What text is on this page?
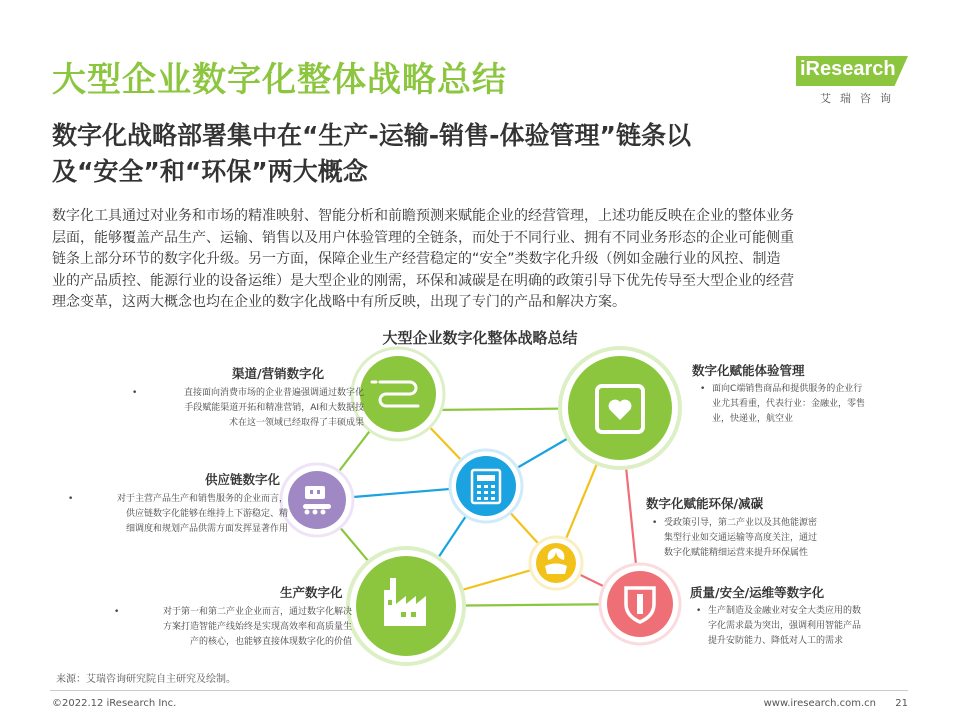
大型企业数字化整体战略总结	iResearch
艾瑞咨询
数字化战略部署集中在“生产-运输-销售-体验管理”链条以
及“安全”和“环保”两大概念
数字化工具通过对业务和市场的精准映射、智能分析和前瞻预测来赋能企业的经营管理，上述功能反映在企业的整体业务
层面，能够覆盖产品生产、运输、销售以及用户体验管理的全链条，而处于不同行业、拥有不同业务形态的企业可能侧重
链条上部分环节的数字化升级。另一方面，保障企业生产经营稳定的“安全”类数字化升级（例如金融行业的风控、制造
业的产品质控、能源行业的设备运维）是大型企业的刚需，环保和减碳是在明确的政策引导下优先传导至大型企业的经营
理念变革，这两大概念也均在企业的数字化战略中有所反映，出现了专门的产品和解决方案。
大型企业数字化整体战略总结
渠道/营销数字化
•	直接面向消费市场的企业普遍强调通过数字化
手段赋能渠道开拓和精准营销，AI和大数据技
术在这一领域已经取得了丰硕成果
供应链数字化
•	对于主营产品生产和销售服务的企业而言，
供应链数字化能够在维持上下游稳定、精
细调度和规划产品供需方面发挥显著作用
生产数字化
•	对于第一和第二产业企业而言，通过数字化解决
方案打造智能产线始终是实现高效率和高质量生
产的核心，也能够直接体现数字化的价值
数字化赋能体验管理
• 面向C端销售商品和提供服务的企业行
业尤其看重，代表行业：金融业，零售
业，快递业，航空业
数字化赋能环保/减碳
• 受政策引导，第二产业以及其他能源密
集型行业如交通运输等高度关注，通过
数字化赋能精细运营来提升环保属性
质量/安全/运维等数字化
• 生产制造及金融业对安全大类应用的数
字化需求最为突出，强调利用智能产品
提升安防能力、降低对人工的需求
来源：艾瑞咨询研究院自主研究及绘制。
©2022.12 iResearch Inc.	www.iresearch.com.cn 21
